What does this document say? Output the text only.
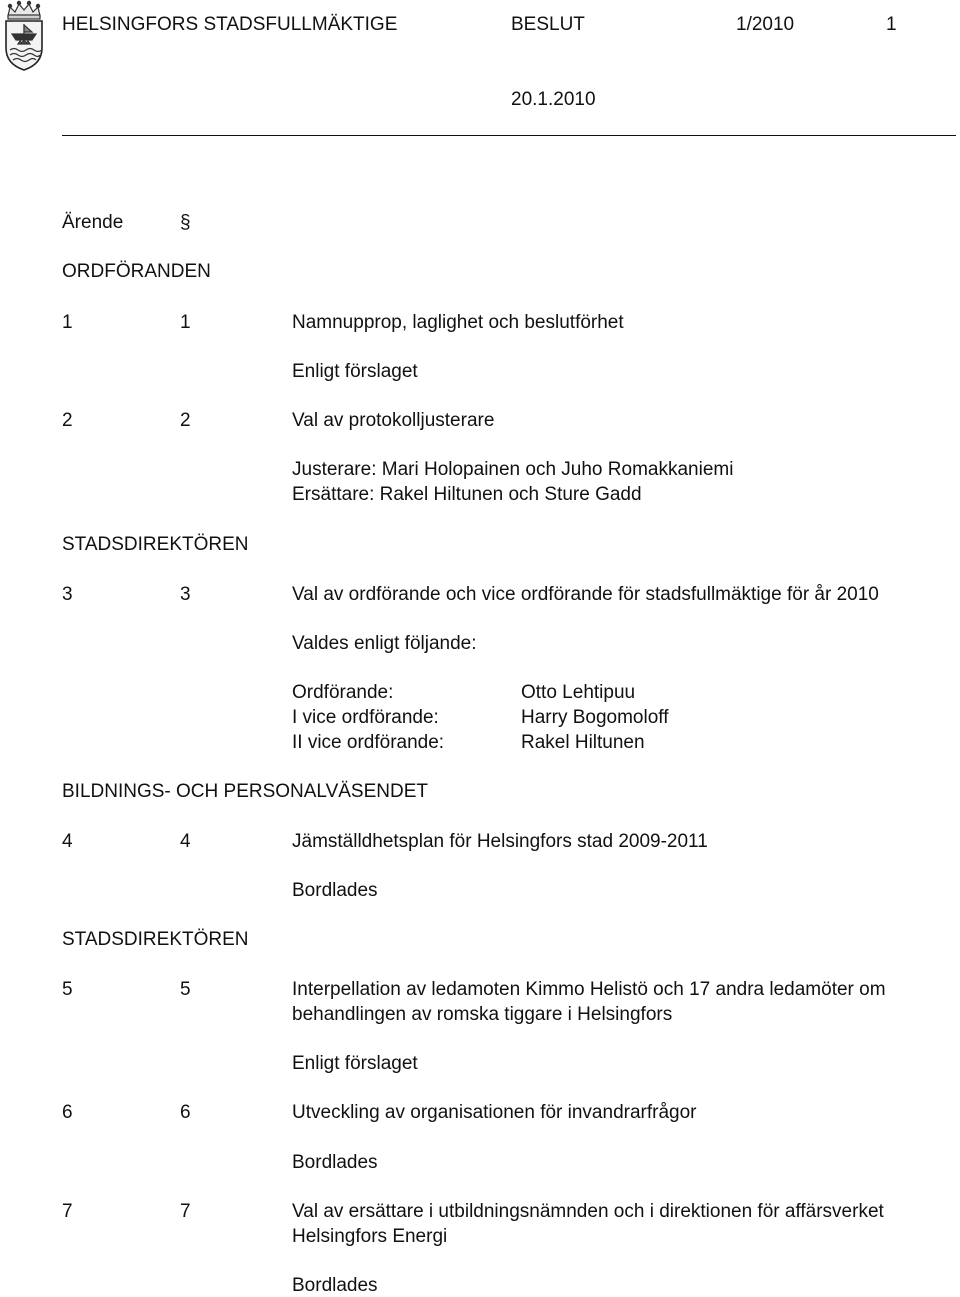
HELSINGFORS STADSFULLMÄKTIGE	BESLUT	1/2010	1
20.1.2010
Ärende	§
ORDFÖRANDEN
1	1	Namnupprop, laglighet och beslutförhet
Enligt förslaget
2	2	Val av protokolljusterare
Justerare: Mari Holopainen och Juho Romakkaniemi
Ersättare: Rakel Hiltunen och Sture Gadd
STADSDIREKTÖREN
3	3	Val av ordförande och vice ordförande för stadsfullmäktige för år 2010
Valdes enligt följande:
Ordförande:	Otto Lehtipuu
I vice ordförande:	Harry Bogomoloff
II vice ordförande:	Rakel Hiltunen
BILDNINGS- OCH PERSONALVÄSENDET
4	4	Jämställdhetsplan för Helsingfors stad 2009-2011
Bordlades
STADSDIREKTÖREN
5	5	Interpellation av ledamoten Kimmo Helistö och 17 andra ledamöter om
behandlingen av romska tiggare i Helsingfors
Enligt förslaget
6	6	Utveckling av organisationen för invandrarfrågor
Bordlades
7	7	Val av ersättare i utbildningsnämnden och i direktionen för affärsverket
Helsingfors Energi
Bordlades
